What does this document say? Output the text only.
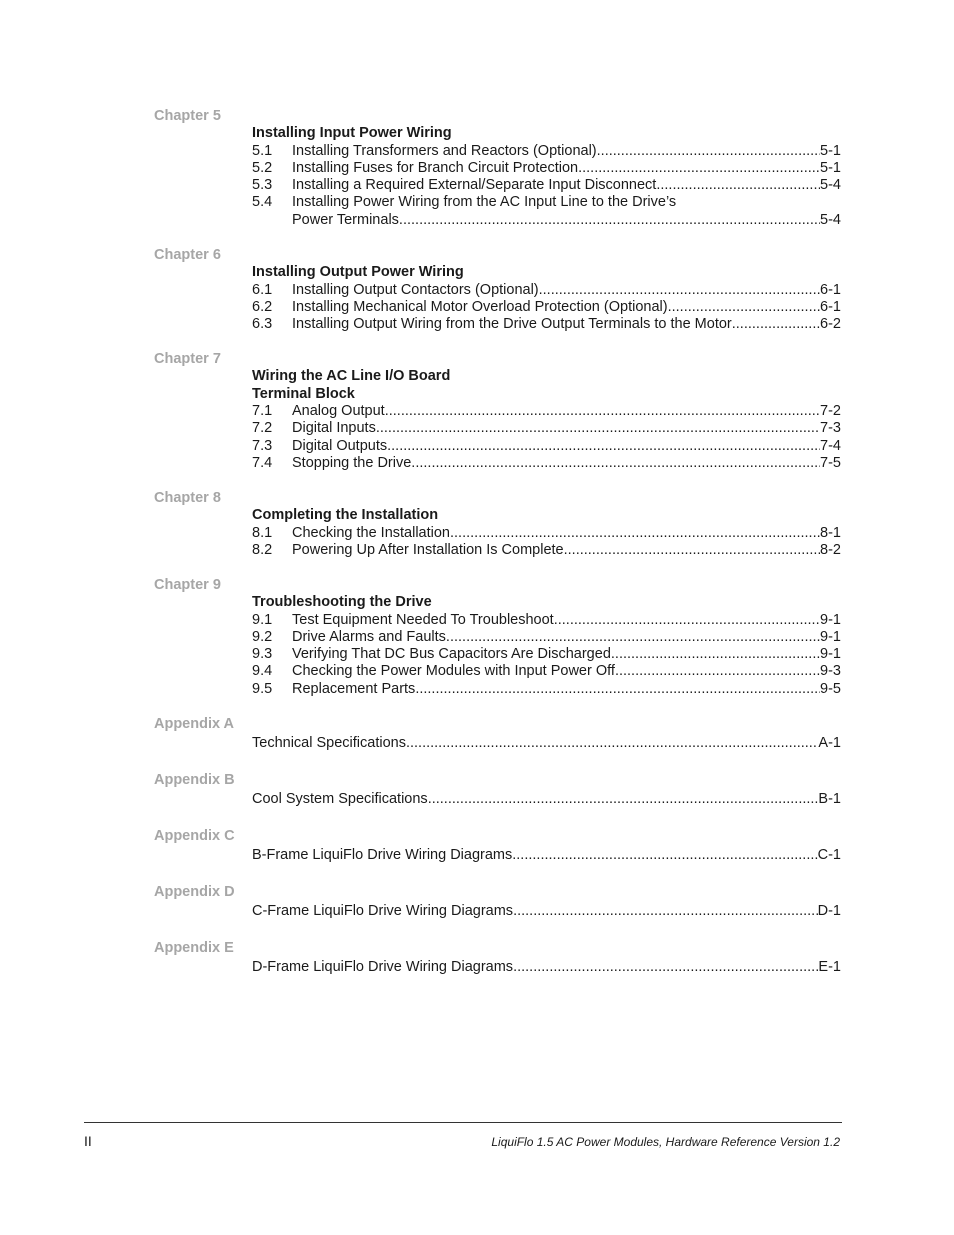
Chapter 5
Installing Input Power Wiring
5.1 Installing Transformers and Reactors (Optional) .....	5-1
5.2 Installing Fuses for Branch Circuit Protection .....	5-1
5.3 Installing a Required External/Separate Input Disconnect .....	5-4
5.4 Installing Power Wiring from the AC Input Line to the Drive’s
Power Terminals .....	5-4
Chapter 6
Installing Output Power Wiring
6.1 Installing Output Contactors (Optional) .....	6-1
6.2 Installing Mechanical Motor Overload Protection (Optional) .....	6-1
6.3 Installing Output Wiring from the Drive Output Terminals to the Motor .....	6-2
Chapter 7
Wiring the AC Line I/O Board
Terminal Block
7.1 Analog Output .....	7-2
7.2 Digital Inputs .....	7-3
7.3 Digital Outputs .....	7-4
7.4 Stopping the Drive .....	7-5
Chapter 8
Completing the Installation
8.1 Checking the Installation .....	8-1
8.2 Powering Up After Installation Is Complete .....	8-2
Chapter 9
Troubleshooting the Drive
9.1 Test Equipment Needed To Troubleshoot .....	9-1
9.2 Drive Alarms and Faults .....	9-1
9.3 Verifying That DC Bus Capacitors Are Discharged .....	9-1
9.4 Checking the Power Modules with Input Power Off .....	9-3
9.5 Replacement Parts .....	9-5
Appendix A
Technical Specifications .....	A-1
Appendix B
Cool System Specifications .....	B-1
Appendix C
B-Frame LiquiFlo Drive Wiring Diagrams .....	C-1
Appendix D
C-Frame LiquiFlo Drive Wiring Diagrams .....	D-1
Appendix E
D-Frame LiquiFlo Drive Wiring Diagrams .....	E-1
II	LiquiFlo 1.5 AC Power Modules, Hardware Reference Version 1.2
